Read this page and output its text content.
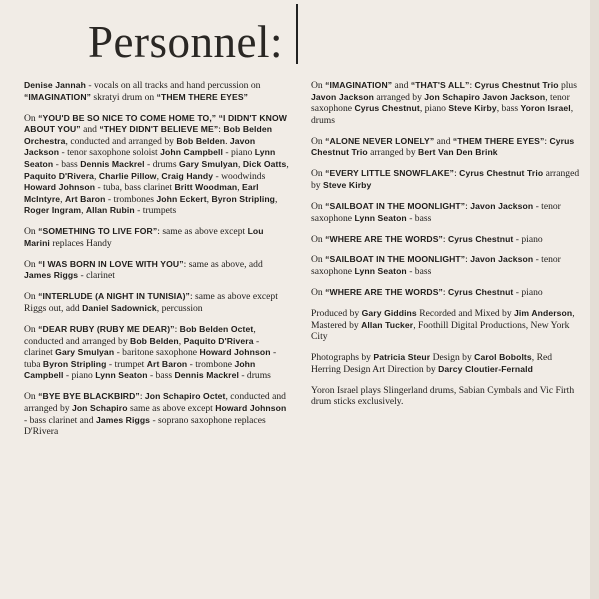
Personnel:

Denise Jannah - vocals on all tracks and hand percussion on “IMAGINATION” skratyi drum on “THEM THERE EYES”

On “YOU'D BE SO NICE TO COME HOME TO,” “I DIDN'T KNOW ABOUT YOU” and “THEY DIDN'T BELIEVE ME”: Bob Belden Orchestra, conducted and arranged by Bob Belden. Javon Jackson - tenor saxophone soloist John Campbell - piano Lynn Seaton - bass Dennis Mackrel - drums Gary Smulyan, Dick Oatts, Paquito D'Rivera, Charlie Pillow, Craig Handy - woodwinds Howard Johnson - tuba, bass clarinet Britt Woodman, Earl McIntyre, Art Baron - trombones John Eckert, Byron Stripling, Roger Ingram, Allan Rubin - trumpets

On “SOMETHING TO LIVE FOR”: same as above except Lou Marini replaces Handy

On “I WAS BORN IN LOVE WITH YOU”: same as above, add James Riggs - clarinet

On “INTERLUDE (A NIGHT IN TUNISIA)”: same as above except Riggs out, add Daniel Sadownick, percussion

On “DEAR RUBY (RUBY ME DEAR)”: Bob Belden Octet, conducted and arranged by Bob Belden, Paquito D'Rivera - clarinet Gary Smulyan - baritone saxophone Howard Johnson - tuba Byron Stripling - trumpet Art Baron - trombone John Campbell - piano Lynn Seaton - bass Dennis Mackrel - drums

On “BYE BYE BLACKBIRD”: Jon Schapiro Octet, conducted and arranged by Jon Schapiro same as above except Howard Johnson - bass clarinet and James Riggs - soprano saxophone replaces D'Rivera

On “IMAGINATION” and “THAT'S ALL”: Cyrus Chestnut Trio plus Javon Jackson arranged by Jon Schapiro Javon Jackson, tenor saxophone Cyrus Chestnut, piano Steve Kirby, bass Yoron Israel, drums

On “ALONE NEVER LONELY” and “THEM THERE EYES”: Cyrus Chestnut Trio arranged by Bert Van Den Brink

On “EVERY LITTLE SNOWFLAKE”: Cyrus Chestnut Trio arranged by Steve Kirby

On “SAILBOAT IN THE MOONLIGHT”: Javon Jackson - tenor saxophone Lynn Seaton - bass

On “WHERE ARE THE WORDS”: Cyrus Chestnut - piano

On “SAILBOAT IN THE MOONLIGHT”: Javon Jackson - tenor saxophone Lynn Seaton - bass

On “WHERE ARE THE WORDS”: Cyrus Chestnut - piano

Produced by Gary Giddins Recorded and Mixed by Jim Anderson, Mastered by Allan Tucker, Foothill Digital Productions, New York City

Photographs by Patricia Steur Design by Carol Bobolts, Red Herring Design Art Direction by Darcy Cloutier-Fernald

Yoron Israel plays Slingerland drums, Sabian Cymbals and Vic Firth drum sticks exclusively.
